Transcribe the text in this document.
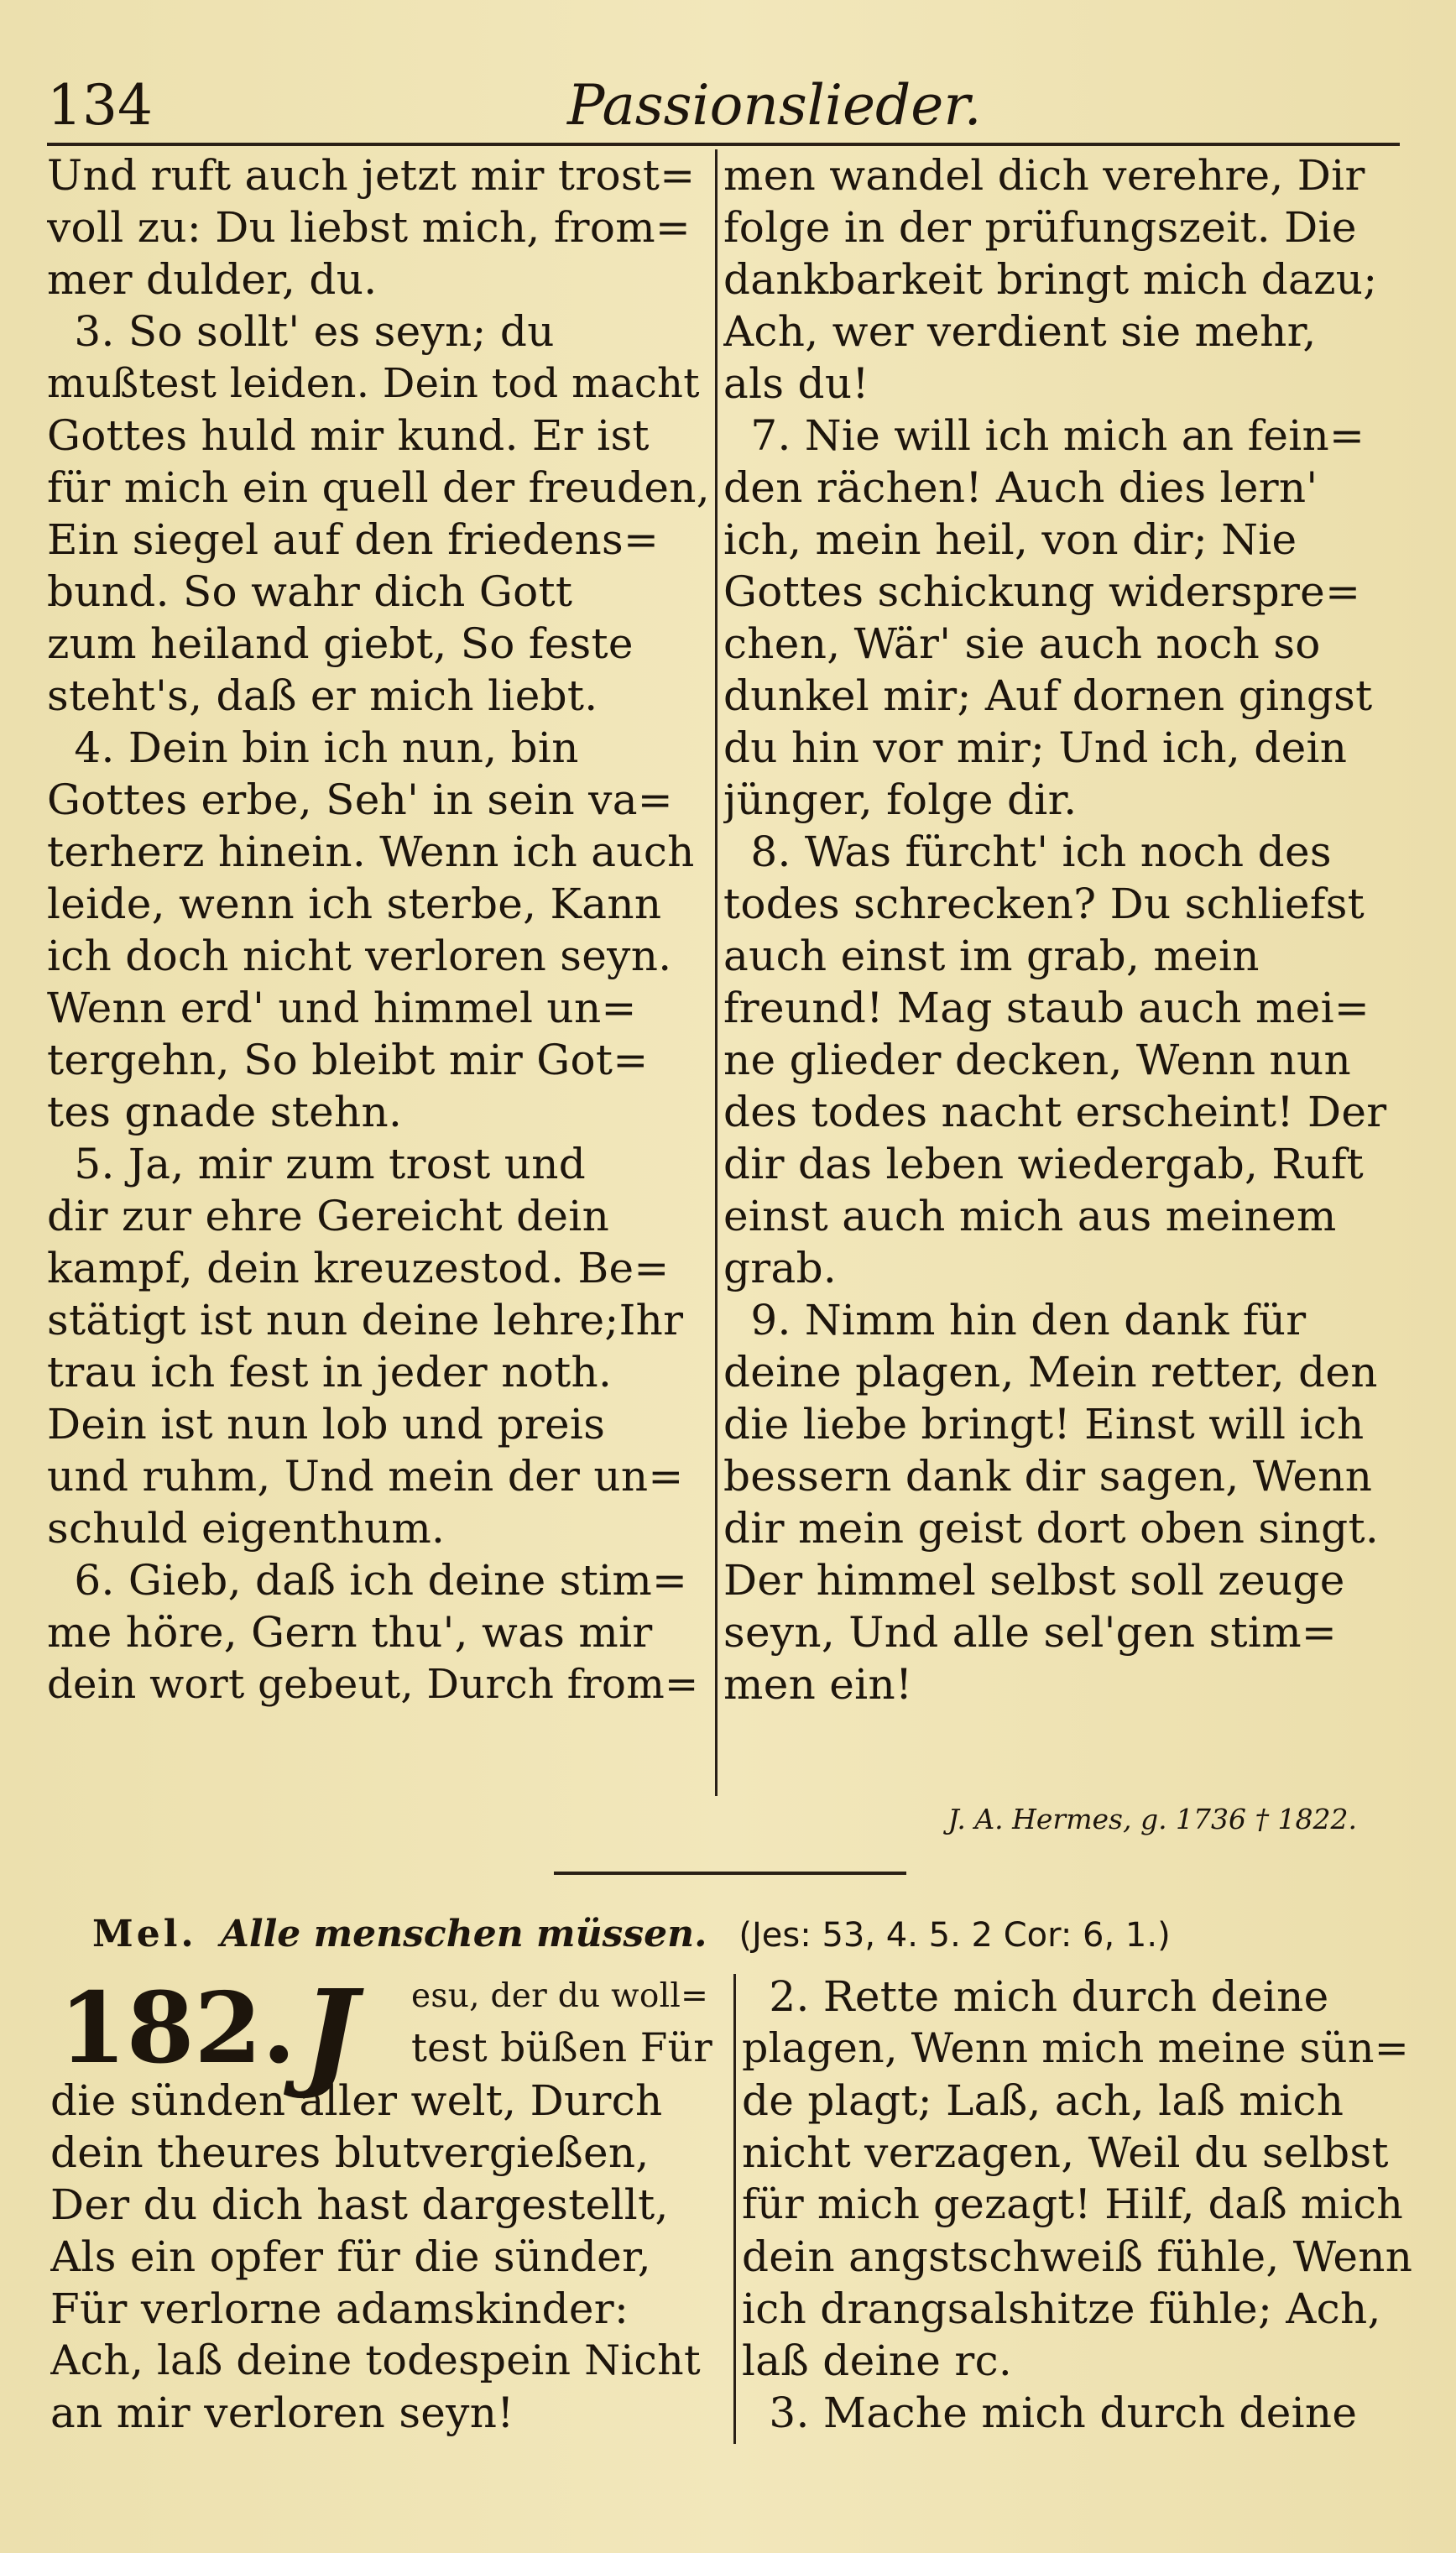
134	Passionslieder.
Und ruft auch jetzt mir trost=
voll zu: Du liebst mich, from=
mer dulder, du.
3. So sollt' es seyn; du
mußtest leiden. Dein tod macht
Gottes huld mir kund. Er ist
für mich ein quell der freuden,
Ein siegel auf den friedens=
bund. So wahr dich Gott
zum heiland giebt, So feste
steht's, daß er mich liebt.
4. Dein bin ich nun, bin
Gottes erbe, Seh' in sein va=
terherz hinein. Wenn ich auch
leide, wenn ich sterbe, Kann
ich doch nicht verloren seyn.
Wenn erd' und himmel un=
tergehn, So bleibt mir Got=
tes gnade stehn.
5. Ja, mir zum trost und
dir zur ehre Gereicht dein
kampf, dein kreuzestod. Be=
stätigt ist nun deine lehre;Ihr
trau ich fest in jeder noth.
Dein ist nun lob und preis
und ruhm, Und mein der un=
schuld eigenthum.
6. Gieb, daß ich deine stim=
me höre, Gern thu', was mir
dein wort gebeut, Durch from=
men wandel dich verehre, Dir
folge in der prüfungszeit. Die
dankbarkeit bringt mich dazu;
Ach, wer verdient sie mehr,
als du!
7. Nie will ich mich an fein=
den rächen! Auch dies lern'
ich, mein heil, von dir; Nie
Gottes schickung widerspre=
chen, Wär' sie auch noch so
dunkel mir; Auf dornen gingst
du hin vor mir; Und ich, dein
jünger, folge dir.
8. Was fürcht' ich noch des
todes schrecken? Du schliefst
auch einst im grab, mein
freund! Mag staub auch mei=
ne glieder decken, Wenn nun
des todes nacht erscheint! Der
dir das leben wiedergab, Ruft
einst auch mich aus meinem
grab.
9. Nimm hin den dank für
deine plagen, Mein retter, den
die liebe bringt! Einst will ich
bessern dank dir sagen, Wenn
dir mein geist dort oben singt.
Der himmel selbst soll zeuge
seyn, Und alle sel'gen stim=
men ein!
J. A. Hermes, g. 1736 † 1822.
Mel. Alle menschen müssen. (Jes: 53, 4. 5. 2 Cor: 6, 1.)
182. J	esu, der du woll=
test büßen Für
die sünden aller welt, Durch
dein theures blutvergießen,
Der du dich hast dargestellt,
Als ein opfer für die sünder,
Für verlorne adamskinder:
Ach, laß deine todespein Nicht
an mir verloren seyn!
2. Rette mich durch deine
plagen, Wenn mich meine sün=
de plagt; Laß, ach, laß mich
nicht verzagen, Weil du selbst
für mich gezagt! Hilf, daß mich
dein angstschweiß fühle, Wenn
ich drangsalshitze fühle; Ach,
laß deine rc.
3. Mache mich durch deine
